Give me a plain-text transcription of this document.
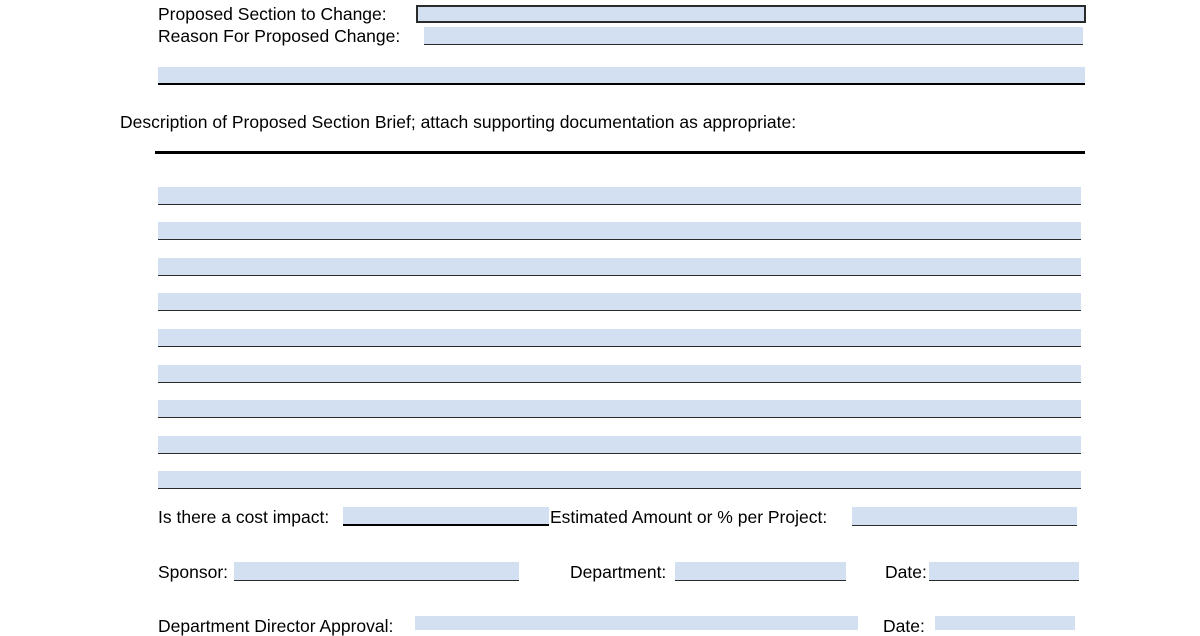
Proposed Section to Change:
Reason For Proposed Change:
Description of Proposed Section Brief; attach supporting documentation as appropriate:
Is there a cost impact:	Estimated Amount or % per Project:
Sponsor:	Department:	Date:
Department Director Approval:	Date:
